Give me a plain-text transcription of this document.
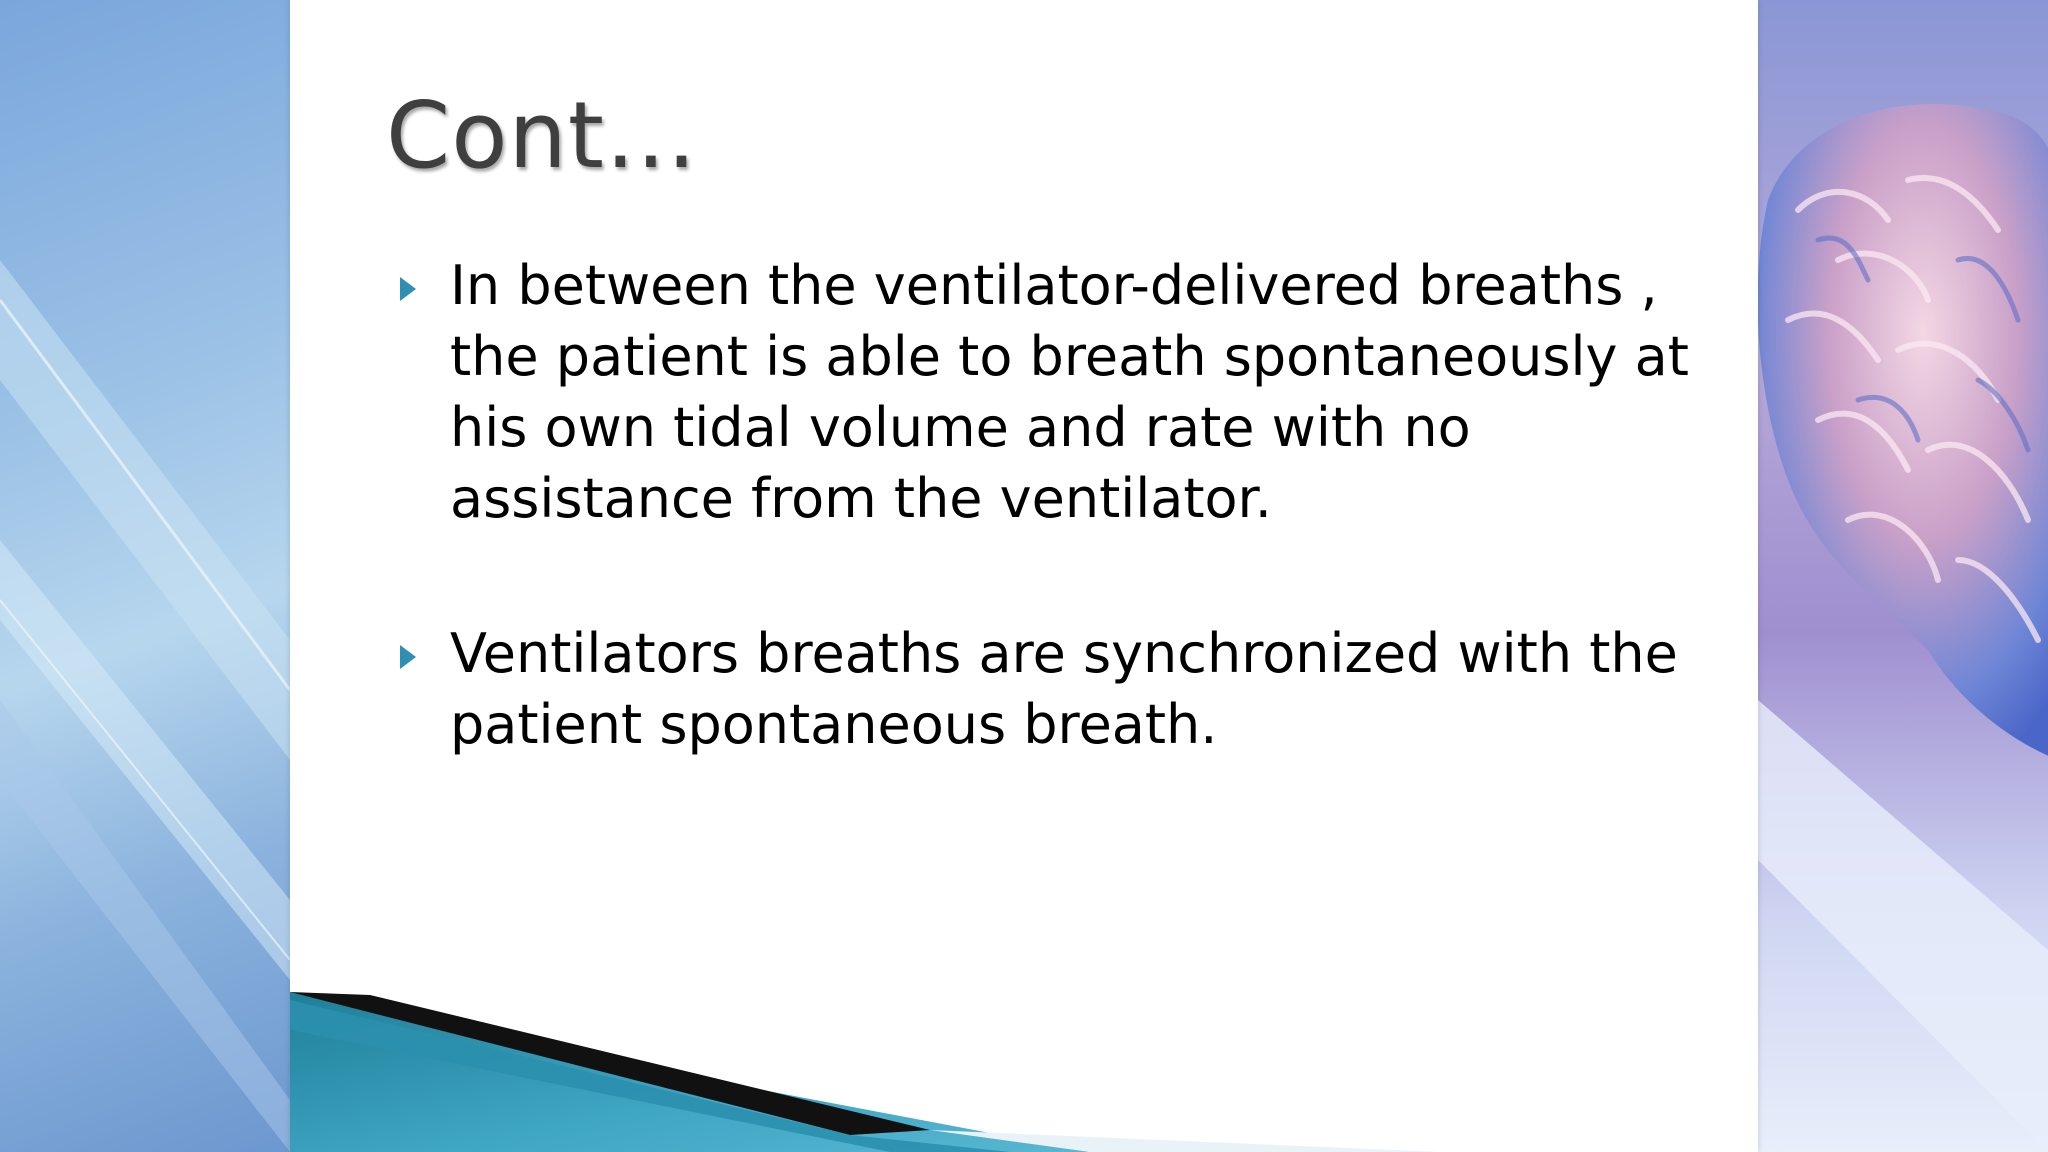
Cont…
In between the ventilator-delivered breaths , the patient is able to breath spontaneously at his own tidal volume and rate with no assistance from the ventilator.
Ventilators breaths are synchronized with the patient spontaneous breath.
